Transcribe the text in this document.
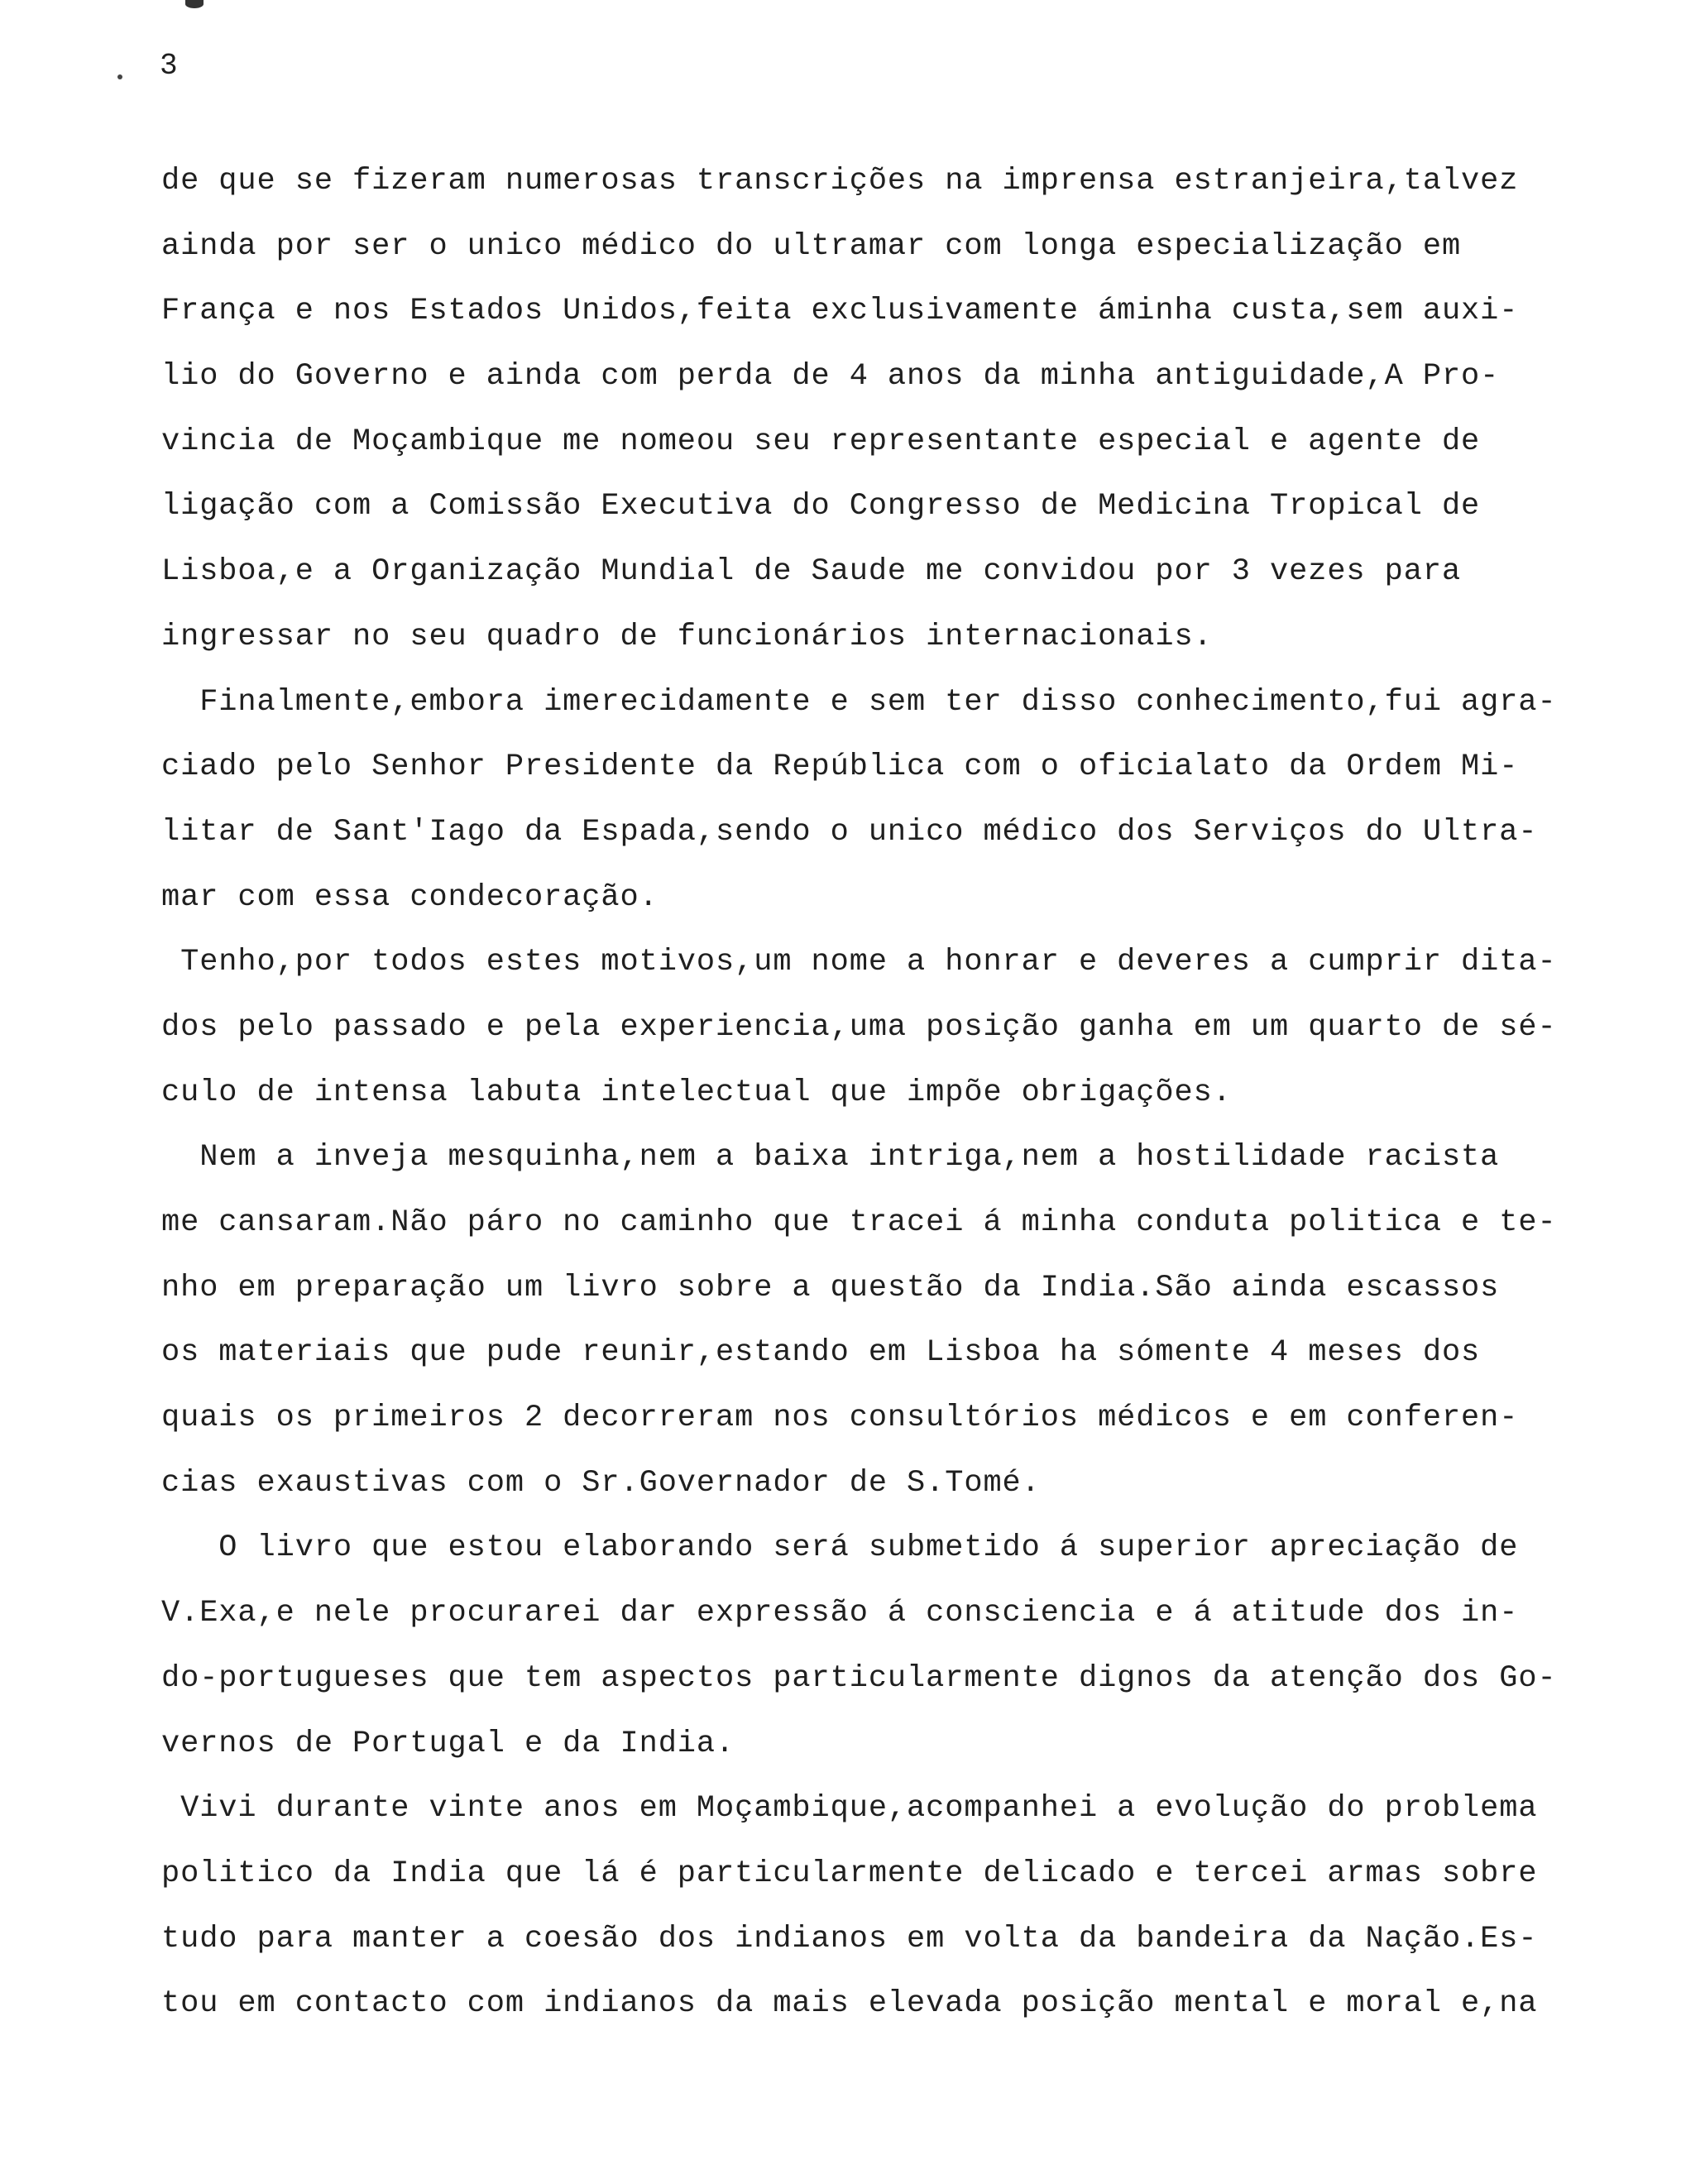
3
de que se fizeram numerosas transcrições na imprensa estranjeira,talvez
ainda por ser o unico médico do ultramar com longa especialização em
França e nos Estados Unidos,feita exclusivamente áminha custa,sem auxi-
lio do Governo e ainda com perda de 4 anos da minha antiguidade,A Pro-
vincia de Moçambique me nomeou seu representante especial e agente de
ligação com a Comissão Executiva do Congresso de Medicina Tropical de
Lisboa,e a Organização Mundial de Saude me convidou por 3 vezes para
ingressar no seu quadro de funcionários internacionais.
Finalmente,embora imerecidamente e sem ter disso conhecimento,fui agra-
ciado pelo Senhor Presidente da República com o oficialato da Ordem Mi-
litar de Sant'Iago da Espada,sendo o unico médico dos Serviços do Ultra-
mar com essa condecoração.
Tenho,por todos estes motivos,um nome a honrar e deveres a cumprir dita-
dos pelo passado e pela experiencia,uma posição ganha em um quarto de sé-
culo de intensa labuta intelectual que impõe obrigações.
Nem a inveja mesquinha,nem a baixa intriga,nem a hostilidade racista
me cansaram.Não páro no caminho que tracei á minha conduta politica e te-
nho em preparação um livro sobre a questão da India.São ainda escassos
os materiais que pude reunir,estando em Lisboa ha sómente 4 meses dos
quais os primeiros 2 decorreram nos consultórios médicos e em conferen-
cias exaustivas com o Sr.Governador de S.Tomé.
O livro que estou elaborando será submetido á superior apreciação de
V.Exa,e nele procurarei dar expressão á consciencia e á atitude dos in-
do-portugueses que tem aspectos particularmente dignos da atenção dos Go-
vernos de Portugal e da India.
Vivi durante vinte anos em Moçambique,acompanhei a evolução do problema
politico da India que lá é particularmente delicado e tercei armas sobre
tudo para manter a coesão dos indianos em volta da bandeira da Nação.Es-
tou em contacto com indianos da mais elevada posição mental e moral e,na
